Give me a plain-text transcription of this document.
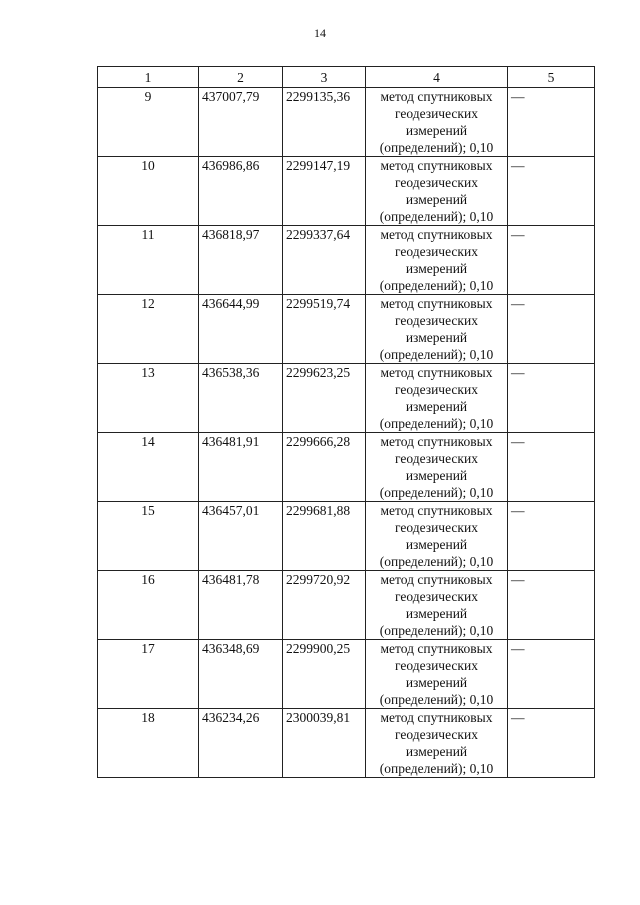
14
1	2	3	4	5
9	437007,79	2299135,36	метод спутниковых
геодезических
измерений
(определений); 0,10	—
10	436986,86	2299147,19	метод спутниковых
геодезических
измерений
(определений); 0,10	—
11	436818,97	2299337,64	метод спутниковых
геодезических
измерений
(определений); 0,10	—
12	436644,99	2299519,74	метод спутниковых
геодезических
измерений
(определений); 0,10	—
13	436538,36	2299623,25	метод спутниковых
геодезических
измерений
(определений); 0,10	—
14	436481,91	2299666,28	метод спутниковых
геодезических
измерений
(определений); 0,10	—
15	436457,01	2299681,88	метод спутниковых
геодезических
измерений
(определений); 0,10	—
16	436481,78	2299720,92	метод спутниковых
геодезических
измерений
(определений); 0,10	—
17	436348,69	2299900,25	метод спутниковых
геодезических
измерений
(определений); 0,10	—
18	436234,26	2300039,81	метод спутниковых
геодезических
измерений
(определений); 0,10	—
